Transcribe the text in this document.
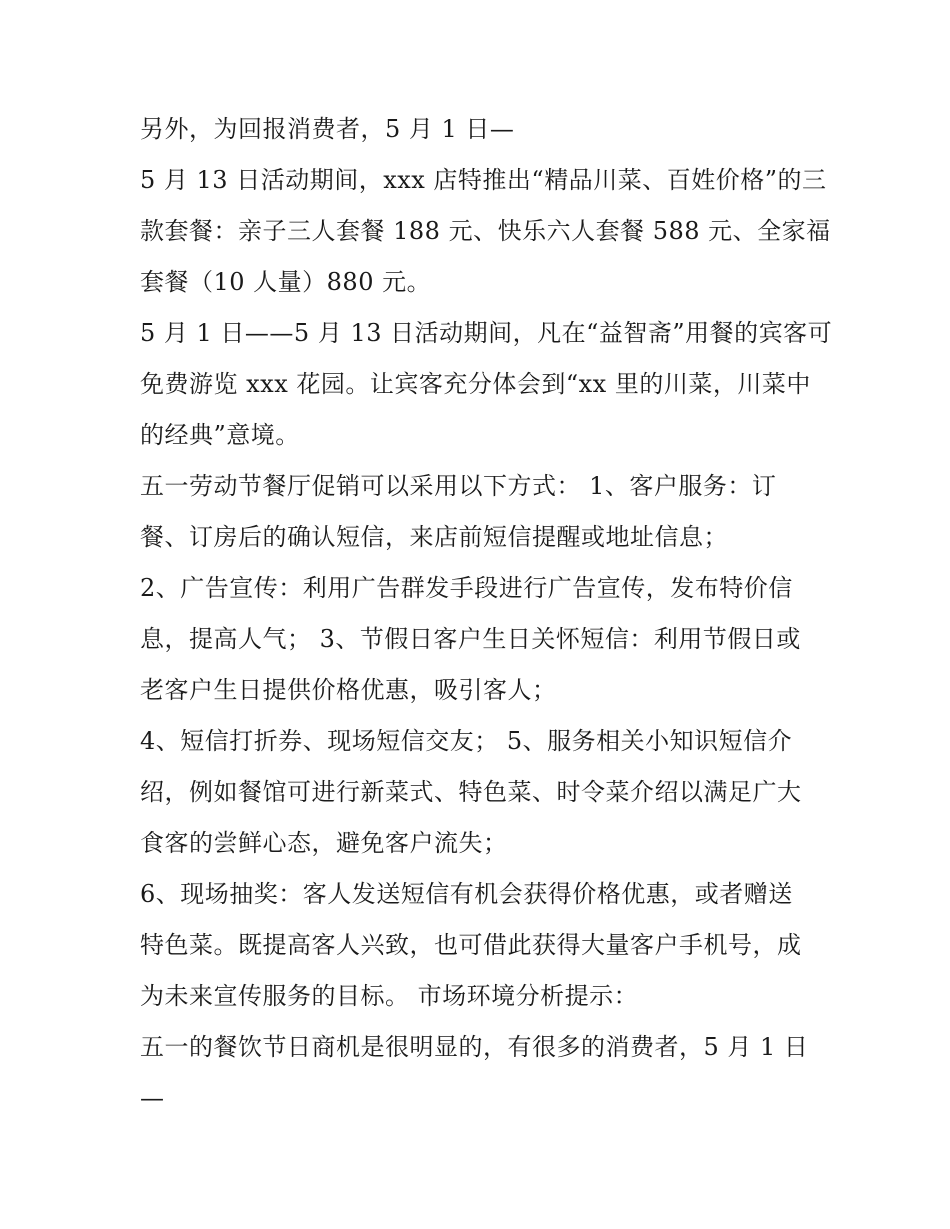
另外，为回报消费者，5 月 1 日—

5 月 13 日活动期间，xxx 店特推出“精品川菜、百姓价格”的三

款套餐：亲子三人套餐 188 元、快乐六人套餐 588 元、全家福

套餐（10 人量）880 元。

5 月 1 日——5 月 13 日活动期间，凡在“益智斋”用餐的宾客可

免费游览 xxx 花园。让宾客充分体会到“xx 里的川菜，川菜中

的经典”意境。

五一劳动节餐厅促销可以采用以下方式： 1、客户服务：订

餐、订房后的确认短信，来店前短信提醒或地址信息；

2、广告宣传：利用广告群发手段进行广告宣传，发布特价信

息，提高人气； 3、节假日客户生日关怀短信：利用节假日或

老客户生日提供价格优惠，吸引客人；

4、短信打折券、现场短信交友； 5、服务相关小知识短信介

绍，例如餐馆可进行新菜式、特色菜、时令菜介绍以满足广大

食客的尝鲜心态，避免客户流失；

6、现场抽奖：客人发送短信有机会获得价格优惠，或者赠送

特色菜。既提高客人兴致，也可借此获得大量客户手机号，成

为未来宣传服务的目标。 市场环境分析提示：

五一的餐饮节日商机是很明显的，有很多的消费者，5 月 1 日

—
